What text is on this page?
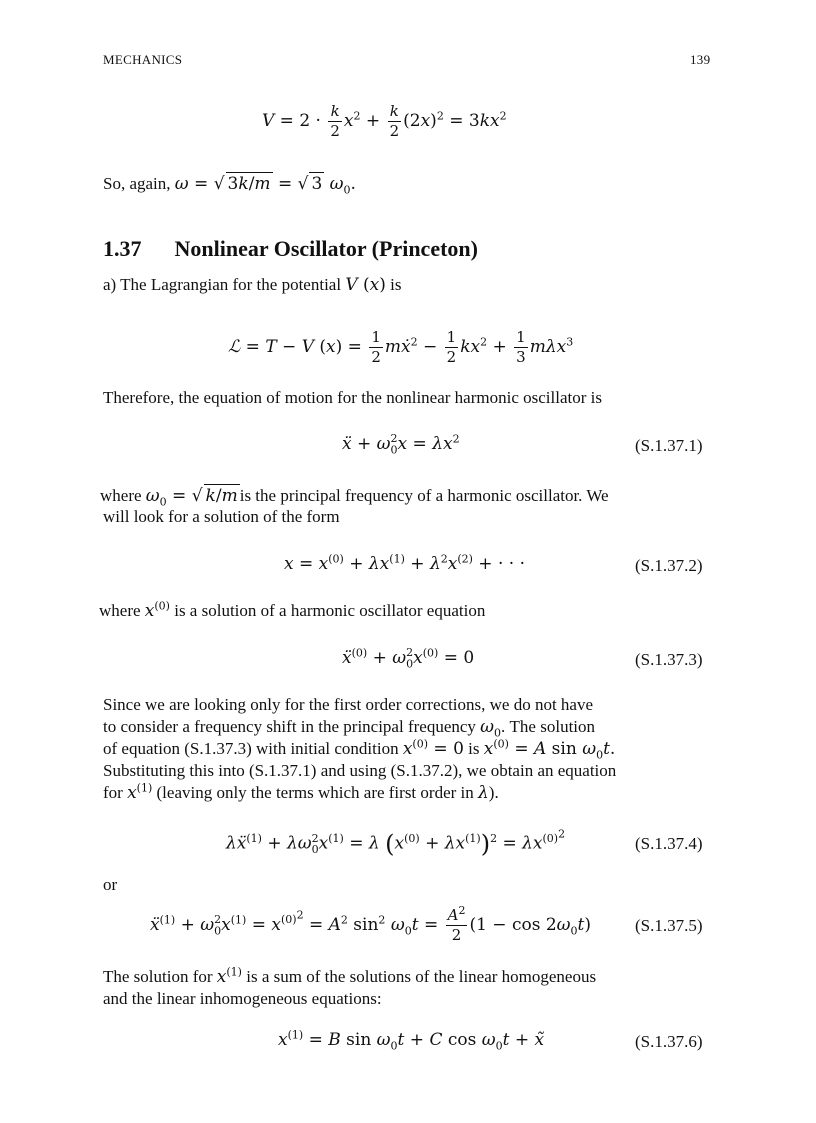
MECHANICS	139
$V = 2 \cdot \frac{k}{2} x^2 + \frac{k}{2} (2x)^2 = 3kx^2$
So, again, ω = √ 3k/m = √ 3 $\omega_0$.
1.37 Nonlinear Oscillator (Princeton)
a) The Lagrangian for the potential V (x) is
ℒ = T − V $(x) = \frac{1}{2}$ mẋ$^2$ − $\frac{1}{2} kx^2 + \frac{1}{3} m\lambda x^3$
Therefore, the equation of motion for the nonlinear harmonic oscillator is
ẍ + $\omega_0^2x = \lambda x^2$	(S.1.37.1)
where $\omega_0$ = √ k/m is the principal frequency of a harmonic oscillator. We
will look for a solution of the form
$x = x^{(0)} + \lambda x^{(1)} + \lambda^2x^{(2)}$ + · · ·	(S.1.37.2)
where $x^{(0)}$ is a solution of a harmonic oscillator equation
ẍ$^{(0)}$ + $\omega_0^2x^{(0)} = 0$	(S.1.37.3)
Since we are looking only for the first order corrections, we do not have
to consider a frequency shift in the principal frequency $\omega_0$. The solution
of equation (S.1.37.3) with initial condition $x^{(0)} = 0$ is $x^{(0)} = A$ $\sin \omega_0t$.
Substituting this into (S.1.37.1) and using (S.1.37.2), we obtain an equation
for $x^{(1)}$ (leaving only the terms which are first order in λ).
λẍ$^{(1)}$ + $\lambda\omega_0^2x^{(1)} = \lambda$ $(x^{(0)} + \lambda x^{(1)})^2 = \lambda x^{(0)^2}$
(S.1.37.4)
or
ẍ$^{(1)}$ + $\omega_0^2x^{(1)} = x^{(0)^2} = A^2$ $\sin^2 \omega_0t = \frac{A^2}{2} (1 - \cos 2\omega_0t)$	(S.1.37.5)
The solution for $x^{(1)}$ is a sum of the solutions of the linear homogeneous
and the linear inhomogeneous equations:
$x^{(1)} = B$ $\sin \omega_0t + C$ $\cos \omega_0t$ + x̃	(S.1.37.6)
